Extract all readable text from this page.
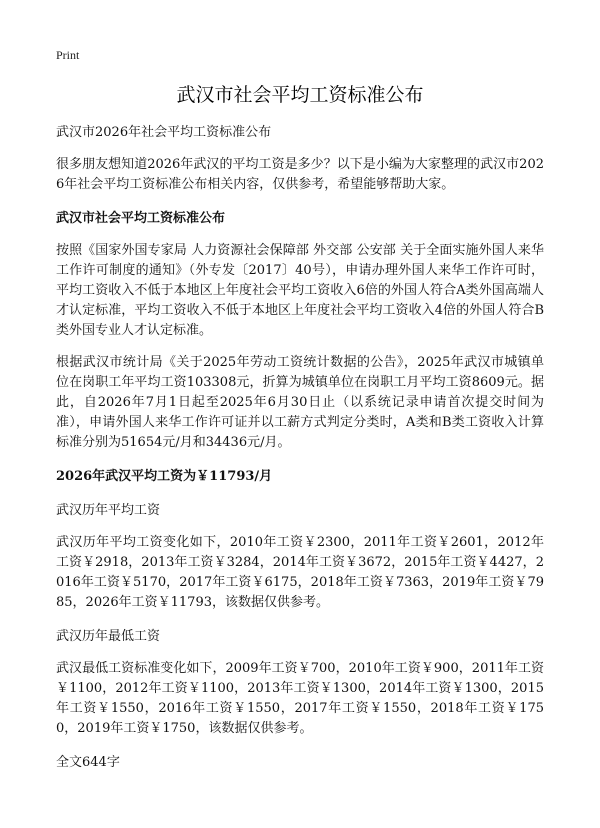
Print
武汉市社会平均工资标准公布
武汉市2026年社会平均工资标准公布

很多朋友想知道2026年武汉的平均工资是多少？以下是小编为大家整理的武汉市2026年社会平均工资标准公布相关内容，仅供参考，希望能够帮助大家。

武汉市社会平均工资标准公布

按照《国家外国专家局 人力资源社会保障部 外交部 公安部 关于全面实施外国人来华工作许可制度的通知》（外专发〔2017〕40号），申请办理外国人来华工作许可时，平均工资收入不低于本地区上年度社会平均工资收入6倍的外国人符合A类外国高端人才认定标准，平均工资收入不低于本地区上年度社会平均工资收入4倍的外国人符合B类外国专业人才认定标准。

根据武汉市统计局《关于2025年劳动工资统计数据的公告》，2025年武汉市城镇单位在岗职工年平均工资103308元，折算为城镇单位在岗职工月平均工资8609元。据此，自2026年7月1日起至2025年6月30日止（以系统记录申请首次提交时间为准），申请外国人来华工作许可证并以工薪方式判定分类时，A类和B类工资收入计算标准分别为51654元/月和34436元/月。

2026年武汉平均工资为￥11793/月
武汉历年平均工资

武汉历年平均工资变化如下，2010年工资￥2300，2011年工资￥2601，2012年工资￥2918，2013年工资￥3284，2014年工资￥3672，2015年工资￥4427，2016年工资￥5170，2017年工资￥6175，2018年工资￥7363，2019年工资￥7985，2026年工资￥11793，该数据仅供参考。

武汉历年最低工资

武汉最低工资标准变化如下，2009年工资￥700，2010年工资￥900，2011年工资￥1100，2012年工资￥1100，2013年工资￥1300，2014年工资￥1300，2015年工资￥1550，2016年工资￥1550，2017年工资￥1550，2018年工资￥1750，2019年工资￥1750，该数据仅供参考。

全文644字
